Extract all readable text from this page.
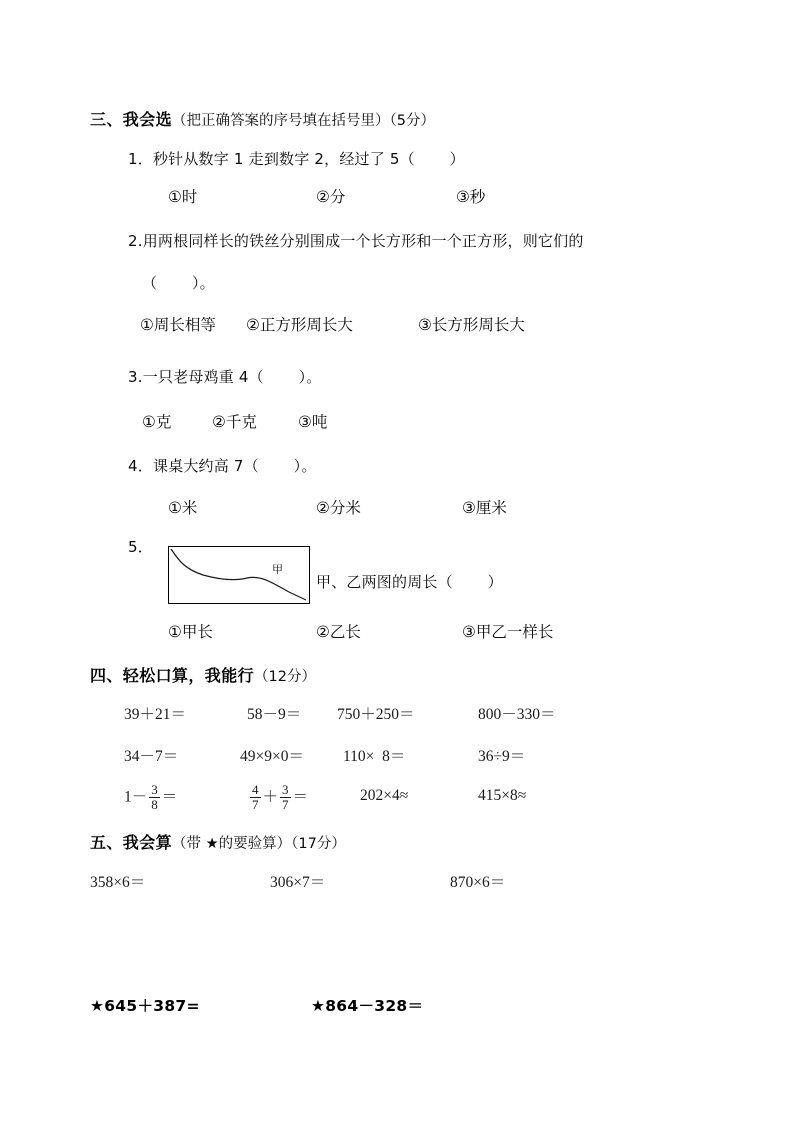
三、我会选（把正确答案的序号填在括号里）（5分）
1．秒针从数字 1 走到数字 2，经过了 5（       ）
①时	②分	③秒
2.用两根同样长的铁丝分别围成一个长方形和一个正方形，则它们的
（       ）。
①周长相等 ②正方形周长大	③长方形周长大
3.一只老母鸡重 4（       ）。
①克	②千克	③吨
4．课桌大约高 7（       ）。
①米	②分米	③厘米
5．
甲
甲、乙两图的周长（       ）
①甲长	②乙长	③甲乙一样长
四、轻松口算，我能行（12分）
39＋21＝	58－9＝ 750＋250＝	800－330＝
34－7＝	49×9×0＝	110×  8＝	36÷9＝
$1- \frac{3}{8}$ ＝	$\frac{4}{7} + \frac{3}{7}$ ＝	202×4≈	415×8≈
五、我会算（带 ★的要验算）（17分）
358×6＝	306×7＝	870×6＝
★645＋387=	★864－328＝
